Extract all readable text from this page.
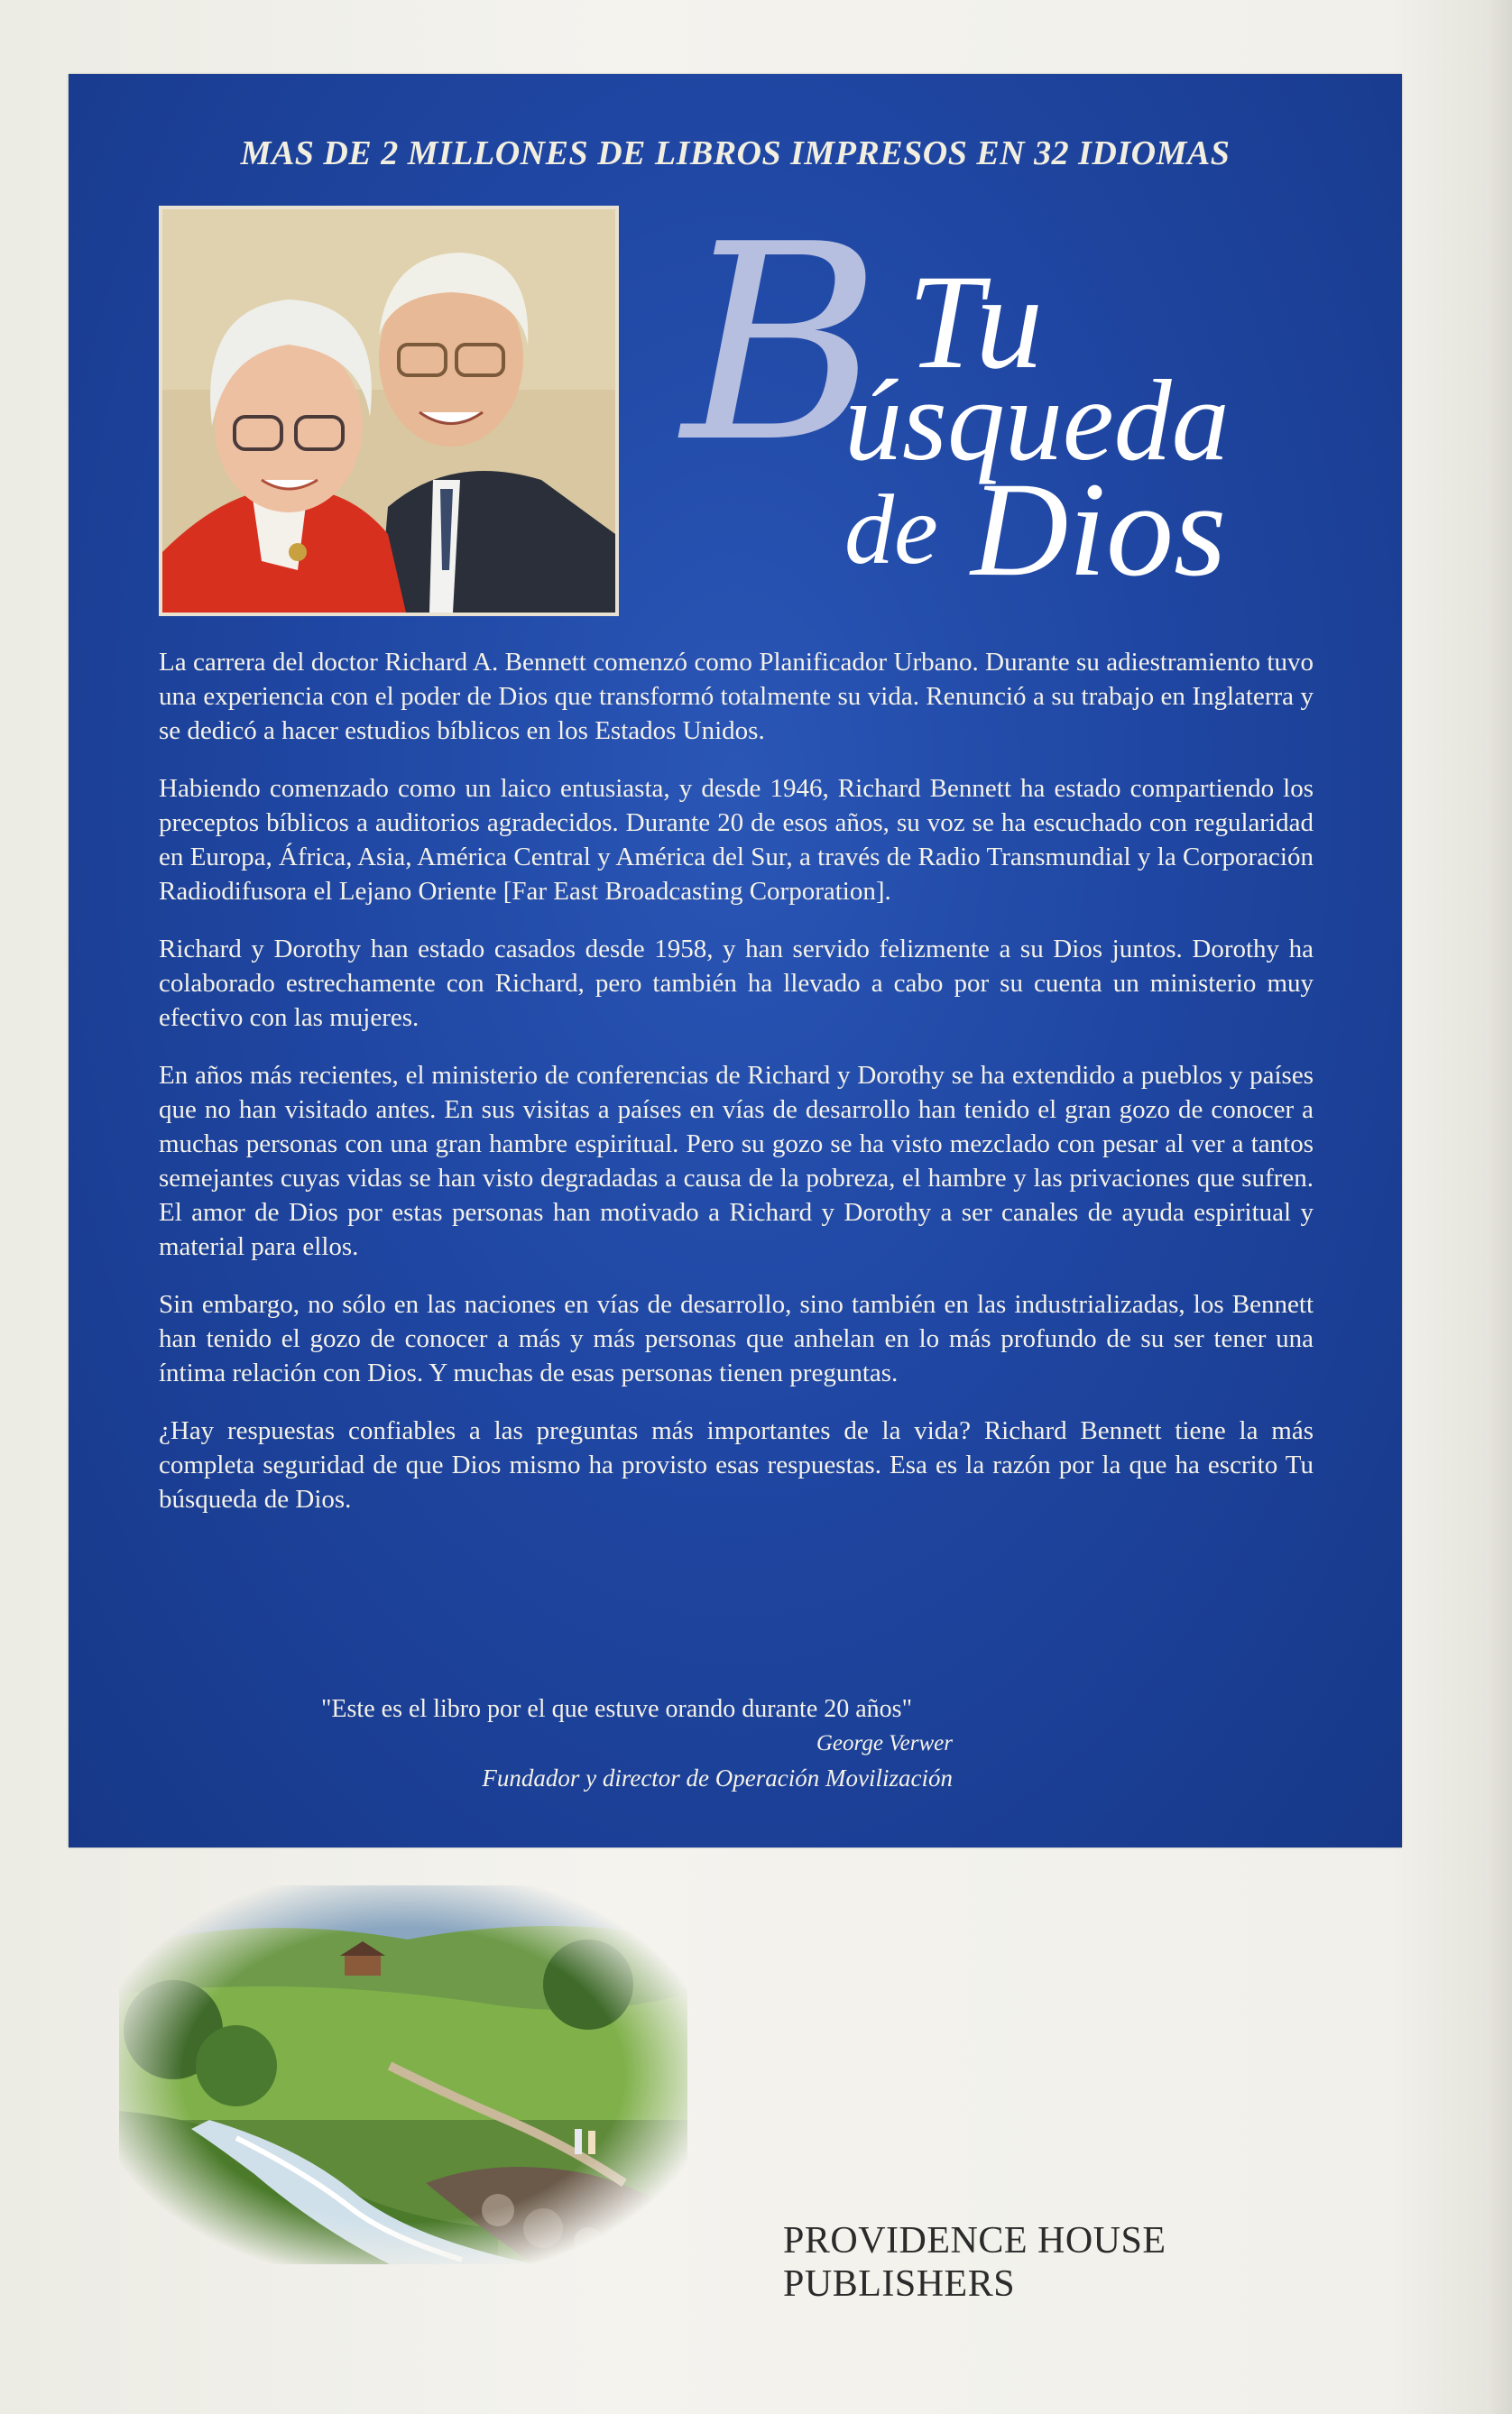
MAS DE 2 MILLONES DE LIBROS IMPRESOS EN 32 IDIOMAS
B Tu
úsqueda
de Dios

La carrera del doctor Richard A. Bennett comenzó como Planificador Urbano. Durante su adiestramiento tuvo una experiencia con el poder de Dios que transformó totalmente su vida. Renunció a su trabajo en Inglaterra y se dedicó a hacer estudios bíblicos en los Estados Unidos.

Habiendo comenzado como un laico entusiasta, y desde 1946, Richard Bennett ha estado compartiendo los preceptos bíblicos a auditorios agradecidos. Durante 20 de esos años, su voz se ha escuchado con regularidad en Europa, África, Asia, América Central y América del Sur, a través de Radio Transmundial y la Corporación Radiodifusora el Lejano Oriente [Far East Broadcasting Corporation].

Richard y Dorothy han estado casados desde 1958, y han servido felizmente a su Dios juntos. Dorothy ha colaborado estrechamente con Richard, pero también ha llevado a cabo por su cuenta un ministerio muy efectivo con las mujeres.

En años más recientes, el ministerio de conferencias de Richard y Dorothy se ha extendido a pueblos y países que no han visitado antes. En sus visitas a países en vías de desarrollo han tenido el gran gozo de conocer a muchas personas con una gran hambre espiritual. Pero su gozo se ha visto mezclado con pesar al ver a tantos semejantes cuyas vidas se han visto degradadas a causa de la pobreza, el hambre y las privaciones que sufren. El amor de Dios por estas personas han motivado a Richard y Dorothy a ser canales de ayuda espiritual y material para ellos.

Sin embargo, no sólo en las naciones en vías de desarrollo, sino también en las industrializadas, los Bennett han tenido el gozo de conocer a más y más personas que anhelan en lo más profundo de su ser tener una íntima relación con Dios. Y muchas de esas personas tienen preguntas.

¿Hay respuestas confiables a las preguntas más importantes de la vida? Richard Bennett tiene la más completa seguridad de que Dios mismo ha provisto esas respuestas. Esa es la razón por la que ha escrito Tu búsqueda de Dios.

"Este es el libro por el que estuve orando durante 20 años"
George Verwer
Fundador y director de Operación Movilización
PROVIDENCE HOUSE PUBLISHERS
